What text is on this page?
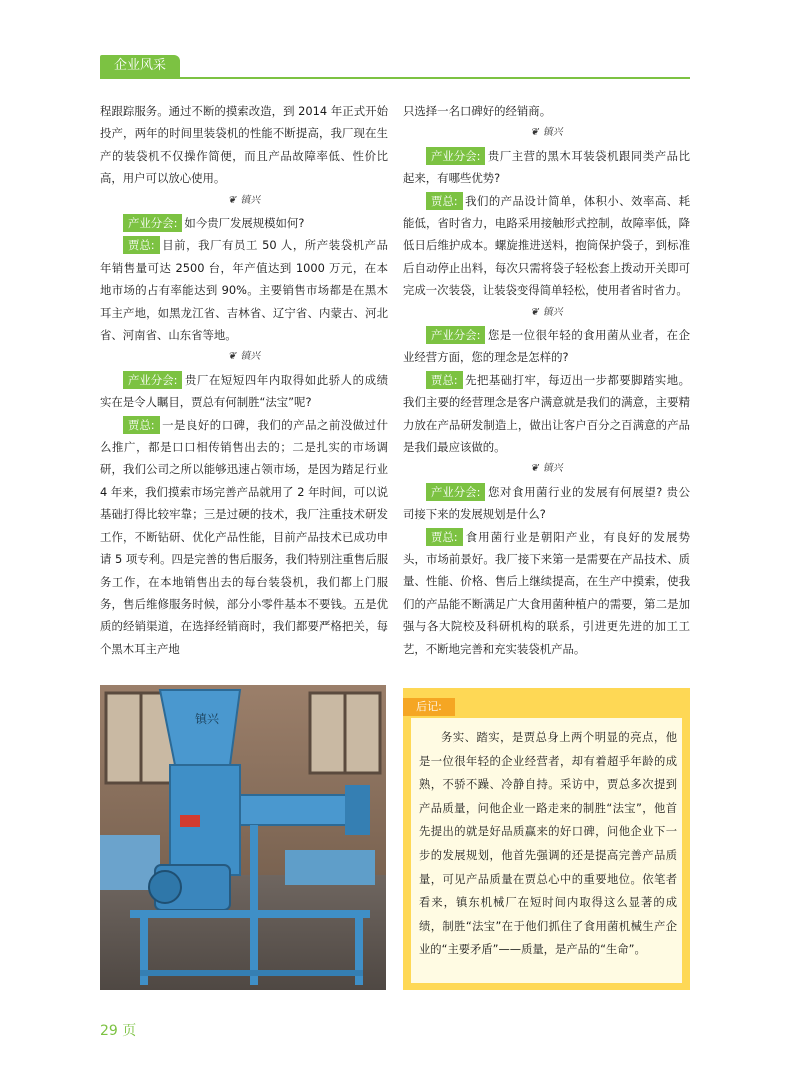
企业风采

程跟踪服务。通过不断的摸索改造，到 2014 年正式开始投产，两年的时间里装袋机的性能不断提高，我厂现在生产的装袋机不仅操作简便，而且产品故障率低、性价比高，用户可以放心使用。

❦ 镇兴

产业分会: 如今贵厂发展规模如何?

贾总: 目前，我厂有员工 50 人，所产装袋机产品年销售量可达 2500 台，年产值达到 1000 万元，在本地市场的占有率能达到 90%。主要销售市场都是在黑木耳主产地，如黑龙江省、吉林省、辽宁省、内蒙古、河北省、河南省、山东省等地。

❦ 镇兴

产业分会: 贵厂在短短四年内取得如此骄人的成绩实在是令人瞩目，贾总有何制胜“法宝”呢?

贾总: 一是良好的口碑，我们的产品之前没做过什么推广，都是口口相传销售出去的；二是扎实的市场调研，我们公司之所以能够迅速占领市场，是因为踏足行业 4 年来，我们摸索市场完善产品就用了 2 年时间，可以说基础打得比较牢靠；三是过硬的技术，我厂注重技术研发工作，不断钻研、优化产品性能，目前产品技术已成功申请 5 项专利。四是完善的售后服务，我们特别注重售后服务工作，在本地销售出去的每台装袋机，我们都上门服务，售后维修服务时候，部分小零件基本不要钱。五是优质的经销渠道，在选择经销商时，我们都要严格把关，每个黑木耳主产地

只选择一名口碑好的经销商。

❦ 镇兴

产业分会: 贵厂主营的黑木耳装袋机跟同类产品比起来，有哪些优势?

贾总: 我们的产品设计简单，体积小、效率高、耗能低，省时省力，电路采用接触形式控制，故障率低，降低日后维护成本。螺旋推进送料，抱筒保护袋子，到标准后自动停止出料，每次只需将袋子轻松套上拨动开关即可完成一次装袋，让装袋变得简单轻松，使用者省时省力。

❦ 镇兴

产业分会: 您是一位很年轻的食用菌从业者，在企业经营方面，您的理念是怎样的?

贾总: 先把基础打牢，每迈出一步都要脚踏实地。我们主要的经营理念是客户满意就是我们的满意，主要精力放在产品研发制造上，做出让客户百分之百满意的产品是我们最应该做的。

❦ 镇兴

产业分会: 您对食用菌行业的发展有何展望? 贵公司接下来的发展规划是什么?

贾总: 食用菌行业是朝阳产业，有良好的发展势头，市场前景好。我厂接下来第一是需要在产品技术、质量、性能、价格、售后上继续提高，在生产中摸索，使我们的产品能不断满足广大食用菌种植户的需要，第二是加强与各大院校及科研机构的联系，引进更先进的加工工艺，不断地完善和充实装袋机产品。

镇兴
后记:

务实、踏实，是贾总身上两个明显的亮点，他是一位很年轻的企业经营者，却有着超乎年龄的成熟，不骄不躁、冷静自持。采访中，贾总多次提到产品质量，问他企业一路走来的制胜“法宝”，他首先提出的就是好品质赢来的好口碑，问他企业下一步的发展规划，他首先强调的还是提高完善产品质量，可见产品质量在贾总心中的重要地位。依笔者看来，镇东机械厂在短时间内取得这么显著的成绩，制胜“法宝”在于他们抓住了食用菌机械生产企业的“主要矛盾”——质量，是产品的“生命”。

29 页
